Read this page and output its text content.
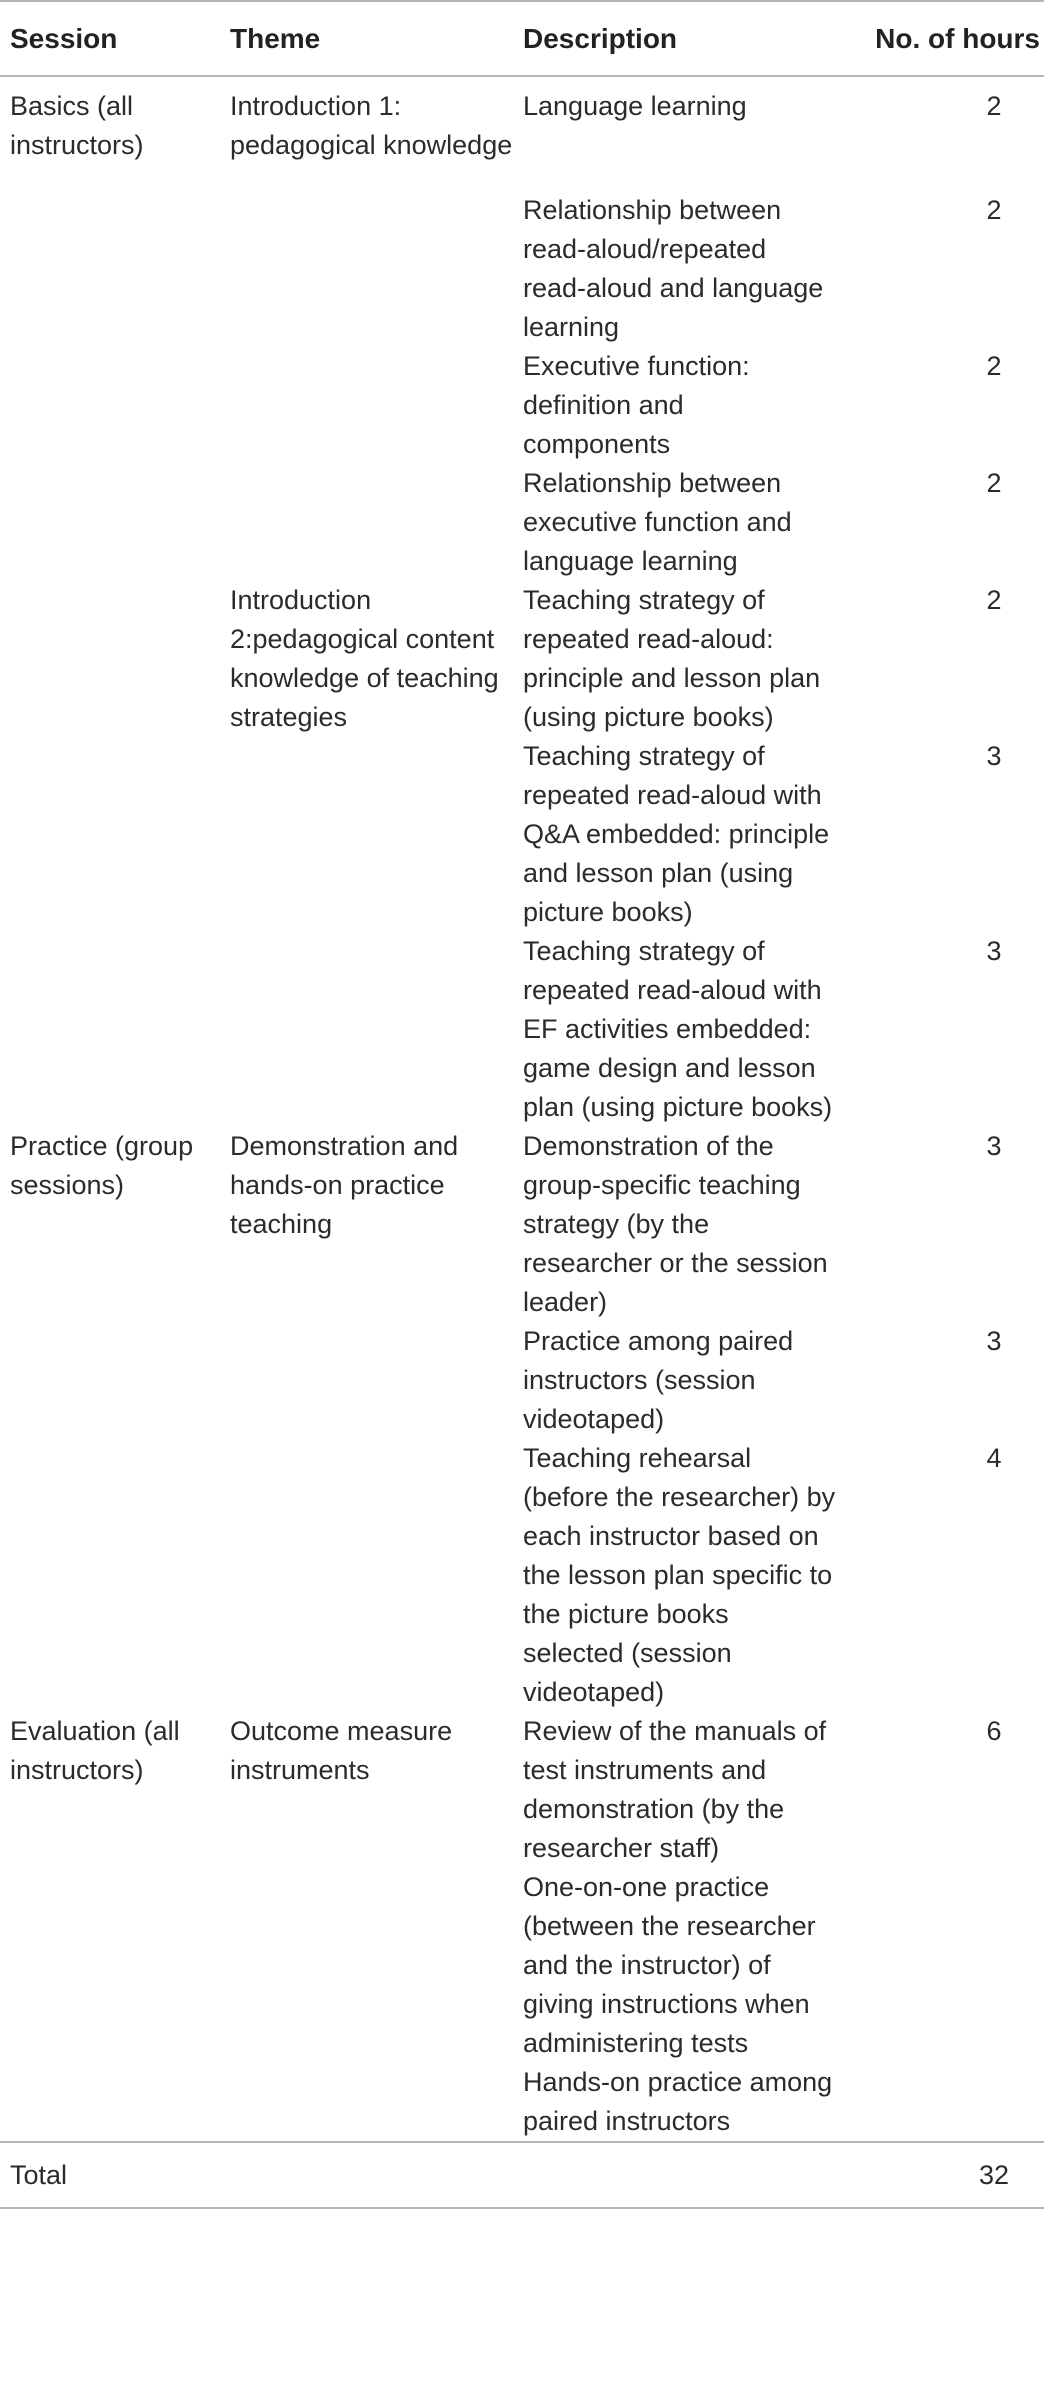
Session	Theme	Description	No. of hours
Basics (all instructors)	Introduction 1: pedagogical knowledge	Language learning	2
		Relationship between read-aloud/repeated read-aloud and language learning	2
		Executive function: definition and components	2
		Relationship between executive function and language learning	2
	Introduction 2:pedagogical content knowledge of teaching strategies	Teaching strategy of repeated read-aloud: principle and lesson plan (using picture books)	2
		Teaching strategy of repeated read-aloud with Q&A embedded: principle and lesson plan (using picture books)	3
		Teaching strategy of repeated read-aloud with EF activities embedded: game design and lesson plan (using picture books)	3
Practice (group sessions)	Demonstration and hands-on practice teaching	Demonstration of the group-specific teaching strategy (by the researcher or the session leader)	3
		Practice among paired instructors (session videotaped)	3
		Teaching rehearsal (before the researcher) by each instructor based on the lesson plan specific to the picture books selected (session videotaped)	4
Evaluation (all instructors)	Outcome measure instruments	Review of the manuals of test instruments and demonstration (by the researcher staff)	6
		One-on-one practice (between the researcher and the instructor) of giving instructions when administering tests	
		Hands-on practice among paired instructors	
Total			32
